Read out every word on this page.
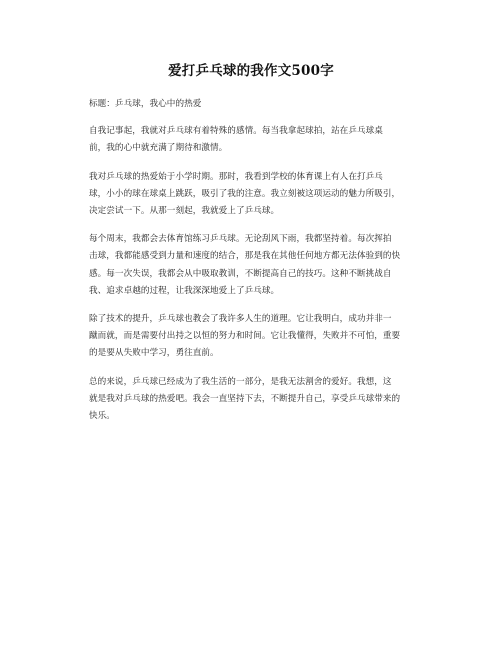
爱打乒乓球的我作文500字

标题：乒乓球，我心中的热爱

自我记事起，我就对乒乓球有着特殊的感情。每当我拿起球拍，站在乒乓球桌
前，我的心中就充满了期待和激情。

我对乒乓球的热爱始于小学时期。那时，我看到学校的体育课上有人在打乒乓
球，小小的球在球桌上跳跃，吸引了我的注意。我立刻被这项运动的魅力所吸引，
决定尝试一下。从那一刻起，我就爱上了乒乓球。

每个周末，我都会去体育馆练习乒乓球。无论刮风下雨，我都坚持着。每次挥拍
击球，我都能感受到力量和速度的结合，那是我在其他任何地方都无法体验到的快
感。每一次失误，我都会从中吸取教训，不断提高自己的技巧。这种不断挑战自
我、追求卓越的过程，让我深深地爱上了乒乓球。

除了技术的提升，乒乓球也教会了我许多人生的道理。它让我明白，成功并非一
蹴而就，而是需要付出持之以恒的努力和时间。它让我懂得，失败并不可怕，重要
的是要从失败中学习，勇往直前。

总的来说，乒乓球已经成为了我生活的一部分，是我无法割舍的爱好。我想，这
就是我对乒乓球的热爱吧。我会一直坚持下去，不断提升自己，享受乒乓球带来的
快乐。
